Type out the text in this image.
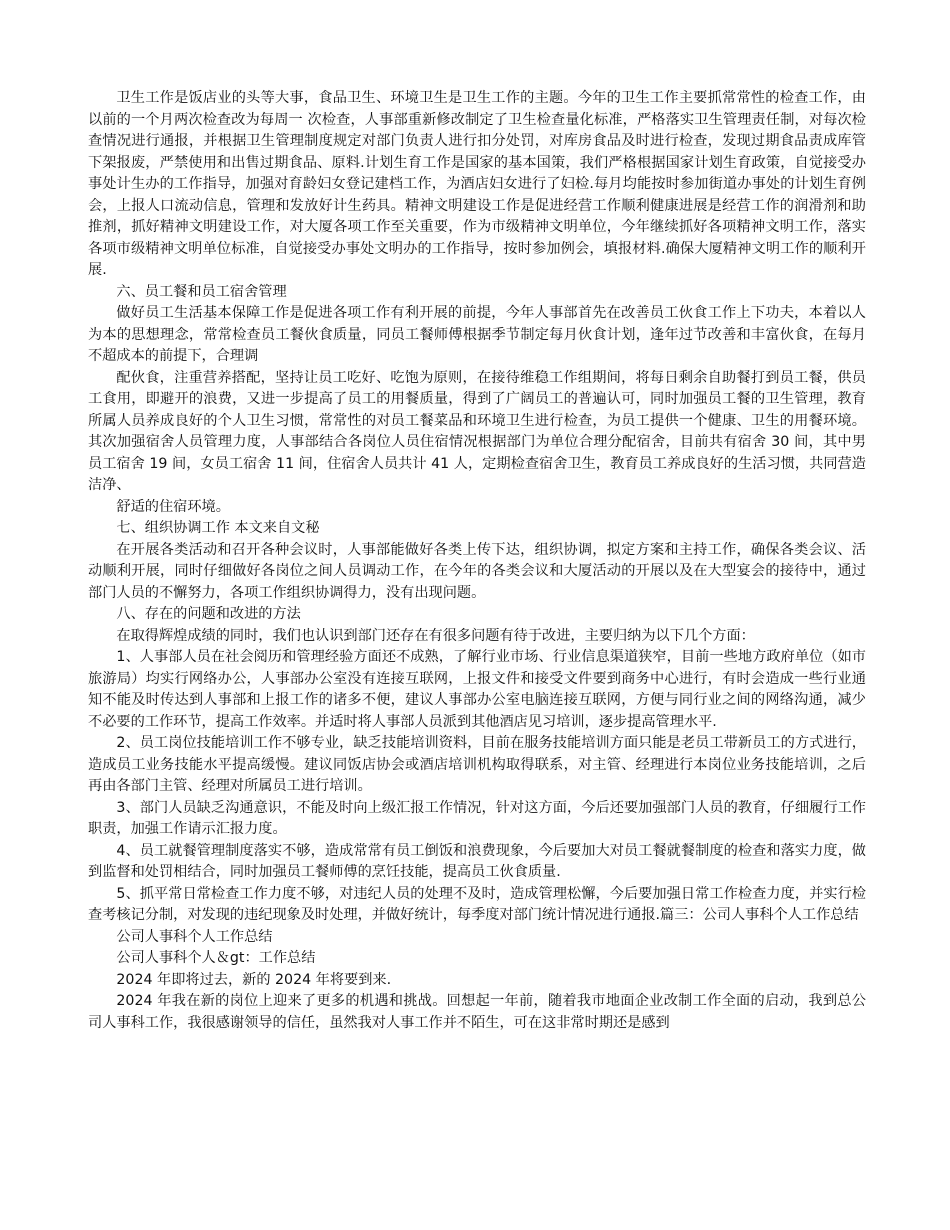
卫生工作是饭店业的头等大事，食品卫生、环境卫生是卫生工作的主题。今年的卫生工作主要抓常常性的检查工作，由以前的一个月两次检查改为每周一 次检查，人事部重新修改制定了卫生检查量化标准，严格落实卫生管理责任制，对每次检查情况进行通报，并根据卫生管理制度规定对部门负责人进行扣分处罚，对库房食品及时进行检查，发现过期食品责成库管下架报废，严禁使用和出售过期食品、原料.计划生育工作是国家的基本国策，我们严格根据国家计划生育政策，自觉接受办事处计生办的工作指导，加强对育龄妇女登记建档工作，为酒店妇女进行了妇检.每月均能按时参加街道办事处的计划生育例会，上报人口流动信息，管理和发放好计生药具。精神文明建设工作是促进经营工作顺利健康进展是经营工作的润滑剂和助推剂，抓好精神文明建设工作，对大厦各项工作至关重要，作为市级精神文明单位，今年继续抓好各项精神文明工作，落实各项市级精神文明单位标准，自觉接受办事处文明办的工作指导，按时参加例会，填报材料.确保大厦精神文明工作的顺利开展.

六、员工餐和员工宿舍管理

做好员工生活基本保障工作是促进各项工作有利开展的前提，今年人事部首先在改善员工伙食工作上下功夫，本着以人为本的思想理念，常常检查员工餐伙食质量，同员工餐师傅根据季节制定每月伙食计划，逢年过节改善和丰富伙食，在每月不超成本的前提下，合理调

配伙食，注重营养搭配，坚持让员工吃好、吃饱为原则，在接待维稳工作组期间，将每日剩余自助餐打到员工餐，供员工食用，即避开的浪费，又进一步提高了员工的用餐质量，得到了广阔员工的普遍认可，同时加强员工餐的卫生管理，教育所属人员养成良好的个人卫生习惯，常常性的对员工餐菜品和环境卫生进行检查，为员工提供一个健康、卫生的用餐环境。其次加强宿舍人员管理力度，人事部结合各岗位人员住宿情况根据部门为单位合理分配宿舍，目前共有宿舍 30 间，其中男员工宿舍 19 间，女员工宿舍 11 间，住宿舍人员共计 41 人，定期检查宿舍卫生，教育员工养成良好的生活习惯，共同营造洁净、

舒适的住宿环境。

七、组织协调工作 本文来自文秘

在开展各类活动和召开各种会议时，人事部能做好各类上传下达，组织协调，拟定方案和主持工作，确保各类会议、活动顺利开展，同时仔细做好各岗位之间人员调动工作，在今年的各类会议和大厦活动的开展以及在大型宴会的接待中，通过部门人员的不懈努力，各项工作组织协调得力，没有出现问题。

八、存在的问题和改进的方法

在取得辉煌成绩的同时，我们也认识到部门还存在有很多问题有待于改进，主要归纳为以下几个方面：

1、人事部人员在社会阅历和管理经验方面还不成熟，了解行业市场、行业信息渠道狭窄，目前一些地方政府单位（如市旅游局）均实行网络办公，人事部办公室没有连接互联网，上报文件和接受文件要到商务中心进行，有时会造成一些行业通知不能及时传达到人事部和上报工作的诸多不便，建议人事部办公室电脑连接互联网，方便与同行业之间的网络沟通，减少不必要的工作环节，提高工作效率。并适时将人事部人员派到其他酒店见习培训，逐步提高管理水平.

2、员工岗位技能培训工作不够专业，缺乏技能培训资料，目前在服务技能培训方面只能是老员工带新员工的方式进行，造成员工业务技能水平提高缓慢。建议同饭店协会或酒店培训机构取得联系，对主管、经理进行本岗位业务技能培训，之后再由各部门主管、经理对所属员工进行培训。

3、部门人员缺乏沟通意识，不能及时向上级汇报工作情况，针对这方面，今后还要加强部门人员的教育，仔细履行工作职责，加强工作请示汇报力度。

4、员工就餐管理制度落实不够，造成常常有员工倒饭和浪费现象，今后要加大对员工餐就餐制度的检查和落实力度，做到监督和处罚相结合，同时加强员工餐师傅的烹饪技能，提高员工伙食质量.

5、抓平常日常检查工作力度不够，对违纪人员的处理不及时，造成管理松懈，今后要加强日常工作检查力度，并实行检查考核记分制，对发现的违纪现象及时处理，并做好统计，每季度对部门统计情况进行通报.篇三：公司人事科个人工作总结

公司人事科个人工作总结

公司人事科个人＆gt：工作总结

2024 年即将过去，新的 2024 年将要到来.

2024 年我在新的岗位上迎来了更多的机遇和挑战。回想起一年前，随着我市地面企业改制工作全面的启动，我到总公司人事科工作，我很感谢领导的信任，虽然我对人事工作并不陌生，可在这非常时期还是感到
